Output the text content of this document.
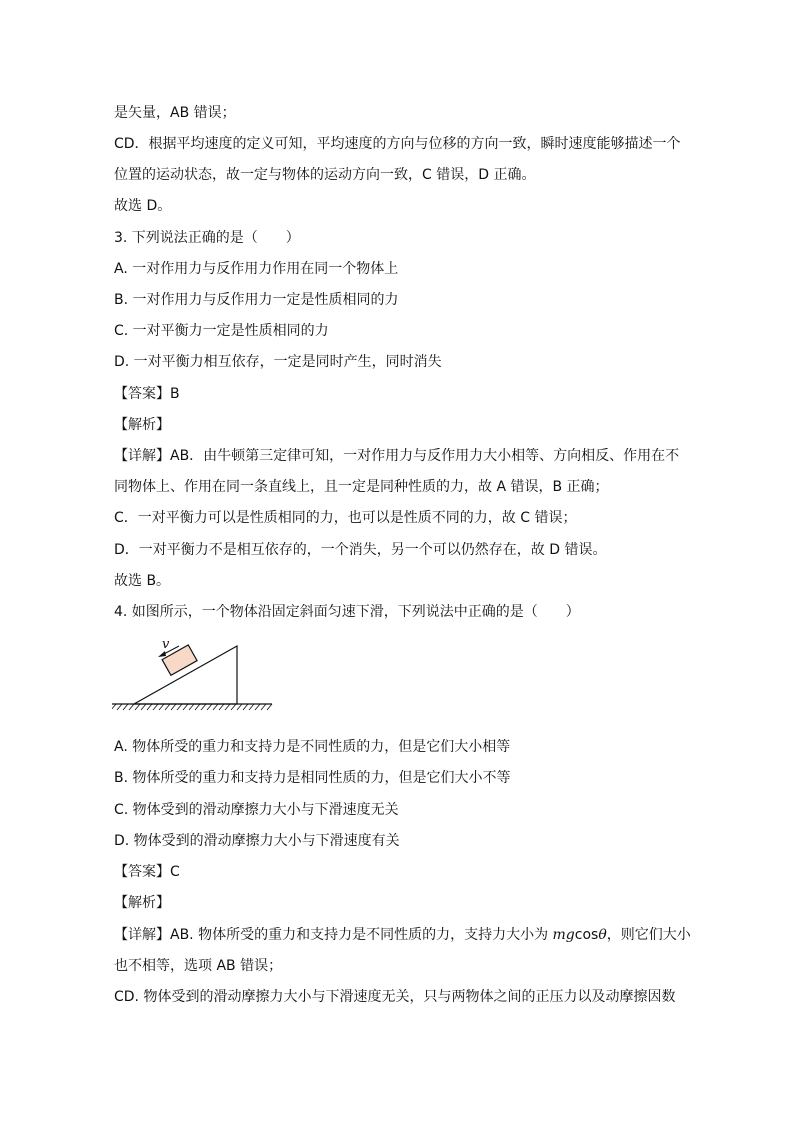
是矢量，AB 错误；
CD．根据平均速度的定义可知，平均速度的方向与位移的方向一致，瞬时速度能够描述一个
位置的运动状态，故一定与物体的运动方向一致，C 错误，D 正确。
故选 D。
3. 下列说法正确的是（　　）
A. 一对作用力与反作用力作用在同一个物体上
B. 一对作用力与反作用力一定是性质相同的力
C. 一对平衡力一定是性质相同的力
D. 一对平衡力相互依存，一定是同时产生，同时消失
【答案】B
【解析】
【详解】AB．由牛顿第三定律可知，一对作用力与反作用力大小相等、方向相反、作用在不
同物体上、作用在同一条直线上，且一定是同种性质的力，故 A 错误，B 正确；
C．一对平衡力可以是性质相同的力，也可以是性质不同的力，故 C 错误；
D．一对平衡力不是相互依存的，一个消失，另一个可以仍然存在，故 D 错误。
故选 B。
4. 如图所示，一个物体沿固定斜面匀速下滑，下列说法中正确的是（　　）
v
A. 物体所受的重力和支持力是不同性质的力，但是它们大小相等
B. 物体所受的重力和支持力是相同性质的力，但是它们大小不等
C. 物体受到的滑动摩擦力大小与下滑速度无关
D. 物体受到的滑动摩擦力大小与下滑速度有关
【答案】C
【解析】
【详解】AB. 物体所受的重力和支持力是不同性质的力，支持力大小为 mgcosθ，则它们大小
也不相等，选项 AB 错误；
CD. 物体受到的滑动摩擦力大小与下滑速度无关，只与两物体之间的正压力以及动摩擦因数
